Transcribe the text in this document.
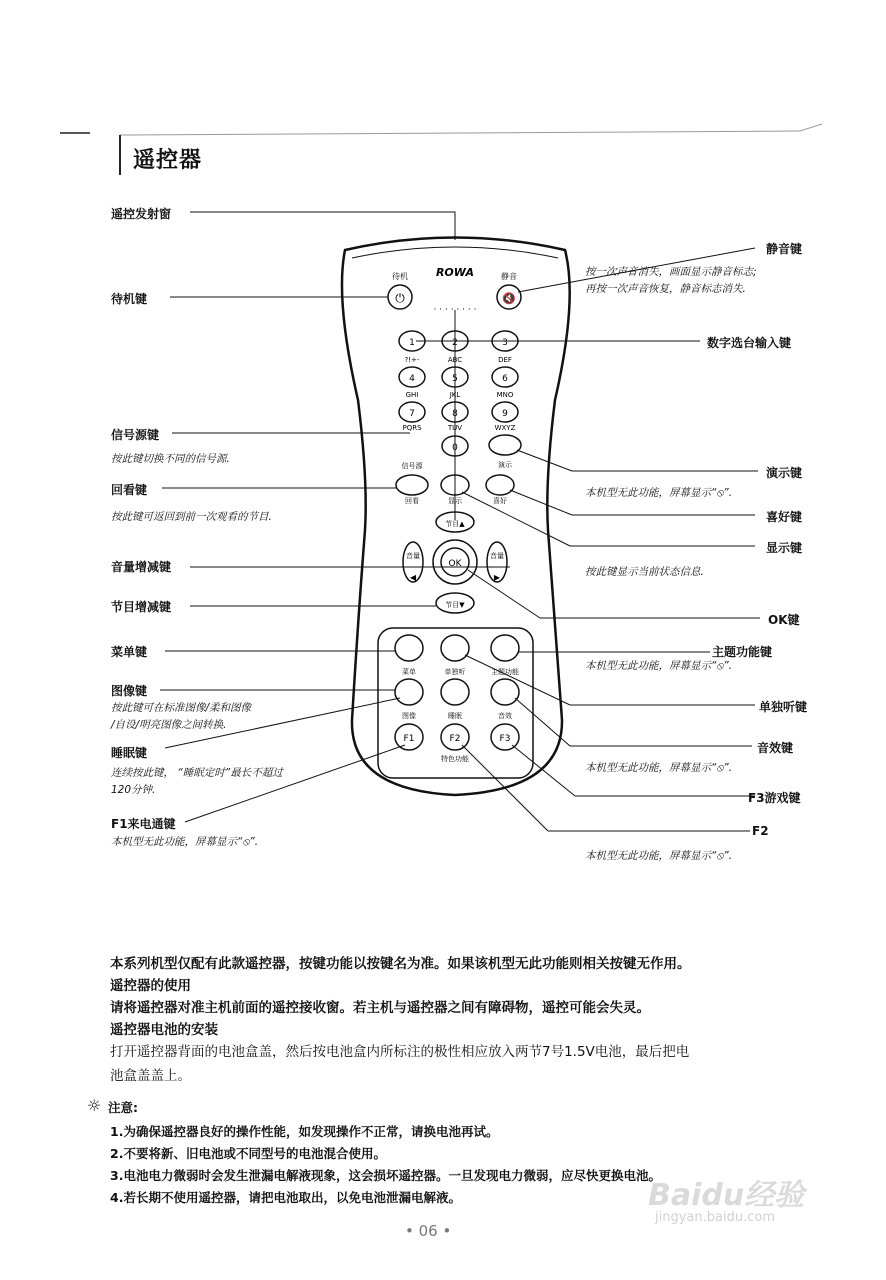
遥控器
ROWA
待机	静音
· · · · · · · ·
⏻	🔇
1
?!+-
2
ABC
3
DEF
4
GHI
5
JKL
6
MNO
7
PQRS
8
TUV
9
WXYZ
0
信号源	演示
回看	显示	喜好
节目▲
节目▼
音量
◀
音量
▶
OK
菜单	单独听	主题功能
图像	睡眠	音效
F1	F2	F3
特色功能
遥控发射窗
待机键
信号源键
按此键切换不同的信号源.
回看键
按此键可返回到前一次观看的节目.
音量增减键
节目增减键
菜单键
图像键
按此键可在标准图像/柔和图像
/自设/明亮图像之间转换.
睡眠键
连续按此键， “睡眠定时”最长不超过
120分钟.
F1来电通键
本机型无此功能，屏幕显示“⦸”.
静音键
按一次声音消失，画面显示静音标志;
再按一次声音恢复，静音标志消失.
数字选台输入键
演示键
本机型无此功能，屏幕显示“⦸”.
喜好键
显示键
按此键显示当前状态信息.
OK键
主题功能键
本机型无此功能，屏幕显示“⦸”.
单独听键
音效键
本机型无此功能，屏幕显示“⦸”.
F3游戏键
F2
本机型无此功能，屏幕显示“⦸”.
本系列机型仅配有此款遥控器，按键功能以按键名为准。如果该机型无此功能则相关按键无作用。
遥控器的使用
请将遥控器对准主机前面的遥控接收窗。若主机与遥控器之间有障碍物，遥控可能会失灵。
遥控器电池的安装
打开遥控器背面的电池盒盖，然后按电池盒内所标注的极性相应放入两节7号1.5V电池，最后把电
池盒盖盖上。
☼ 注意:
1.为确保遥控器良好的操作性能，如发现操作不正常，请换电池再试。
2.不要将新、旧电池或不同型号的电池混合使用。
3.电池电力微弱时会发生泄漏电解液现象，这会损坏遥控器。一旦发现电力微弱，应尽快更换电池。
4.若长期不使用遥控器，请把电池取出，以免电池泄漏电解液。
• 06 •
Baidu经验
jingyan.baidu.com
